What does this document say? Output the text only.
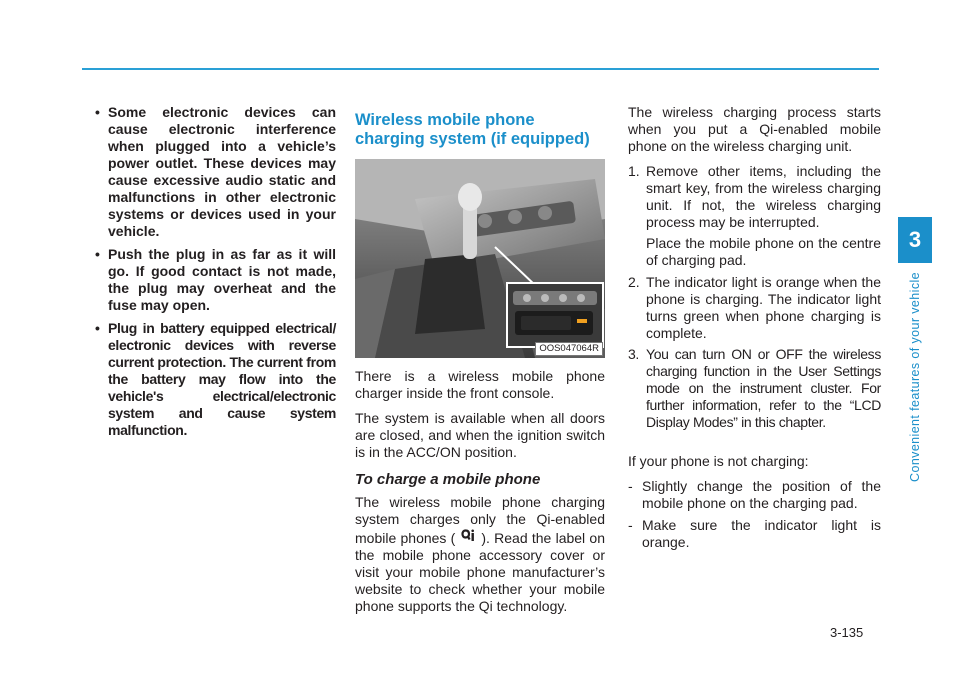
3
Convenient features of your vehicle
• Some electronic devices can cause electronic interference when plugged into a vehicle’s power outlet. These devices may cause excessive audio static and malfunctions in other electronic systems or devices used in your vehicle.
• Push the plug in as far as it will go. If good contact is not made, the plug may overheat and the fuse may open.
• Plug in battery equipped electrical/ electronic devices with reverse current protection. The current from the battery may flow into the vehicle's electrical/electronic system and cause system malfunction.
Wireless mobile phone charging system (if equipped)
OOS047064R

There is a wireless mobile phone charger inside the front console.

The system is available when all doors are closed, and when the ignition switch is in the ACC/ON position.

To charge a mobile phone

The wireless mobile phone charging system charges only the Qi-enabled mobile phones ( ). Read the label on the mobile phone accessory cover or visit your mobile phone manufacturer’s website to check whether your mobile phone supports the Qi technology.

The wireless charging process starts when you put a Qi-enabled mobile phone on the wireless charging unit.

1. Remove other items, including the smart key, from the wireless charging unit. If not, the wireless charging process may be interrupted.
Place the mobile phone on the centre of charging pad.
2. The indicator light is orange when the phone is charging. The indicator light turns green when phone charging is complete.
3. You can turn ON or OFF the wireless charging function in the User Settings mode on the instrument cluster. For further information, refer to the “LCD Display Modes” in this chapter.

If your phone is not charging:

- Slightly change the position of the mobile phone on the charging pad.
- Make sure the indicator light is orange.
3-135
